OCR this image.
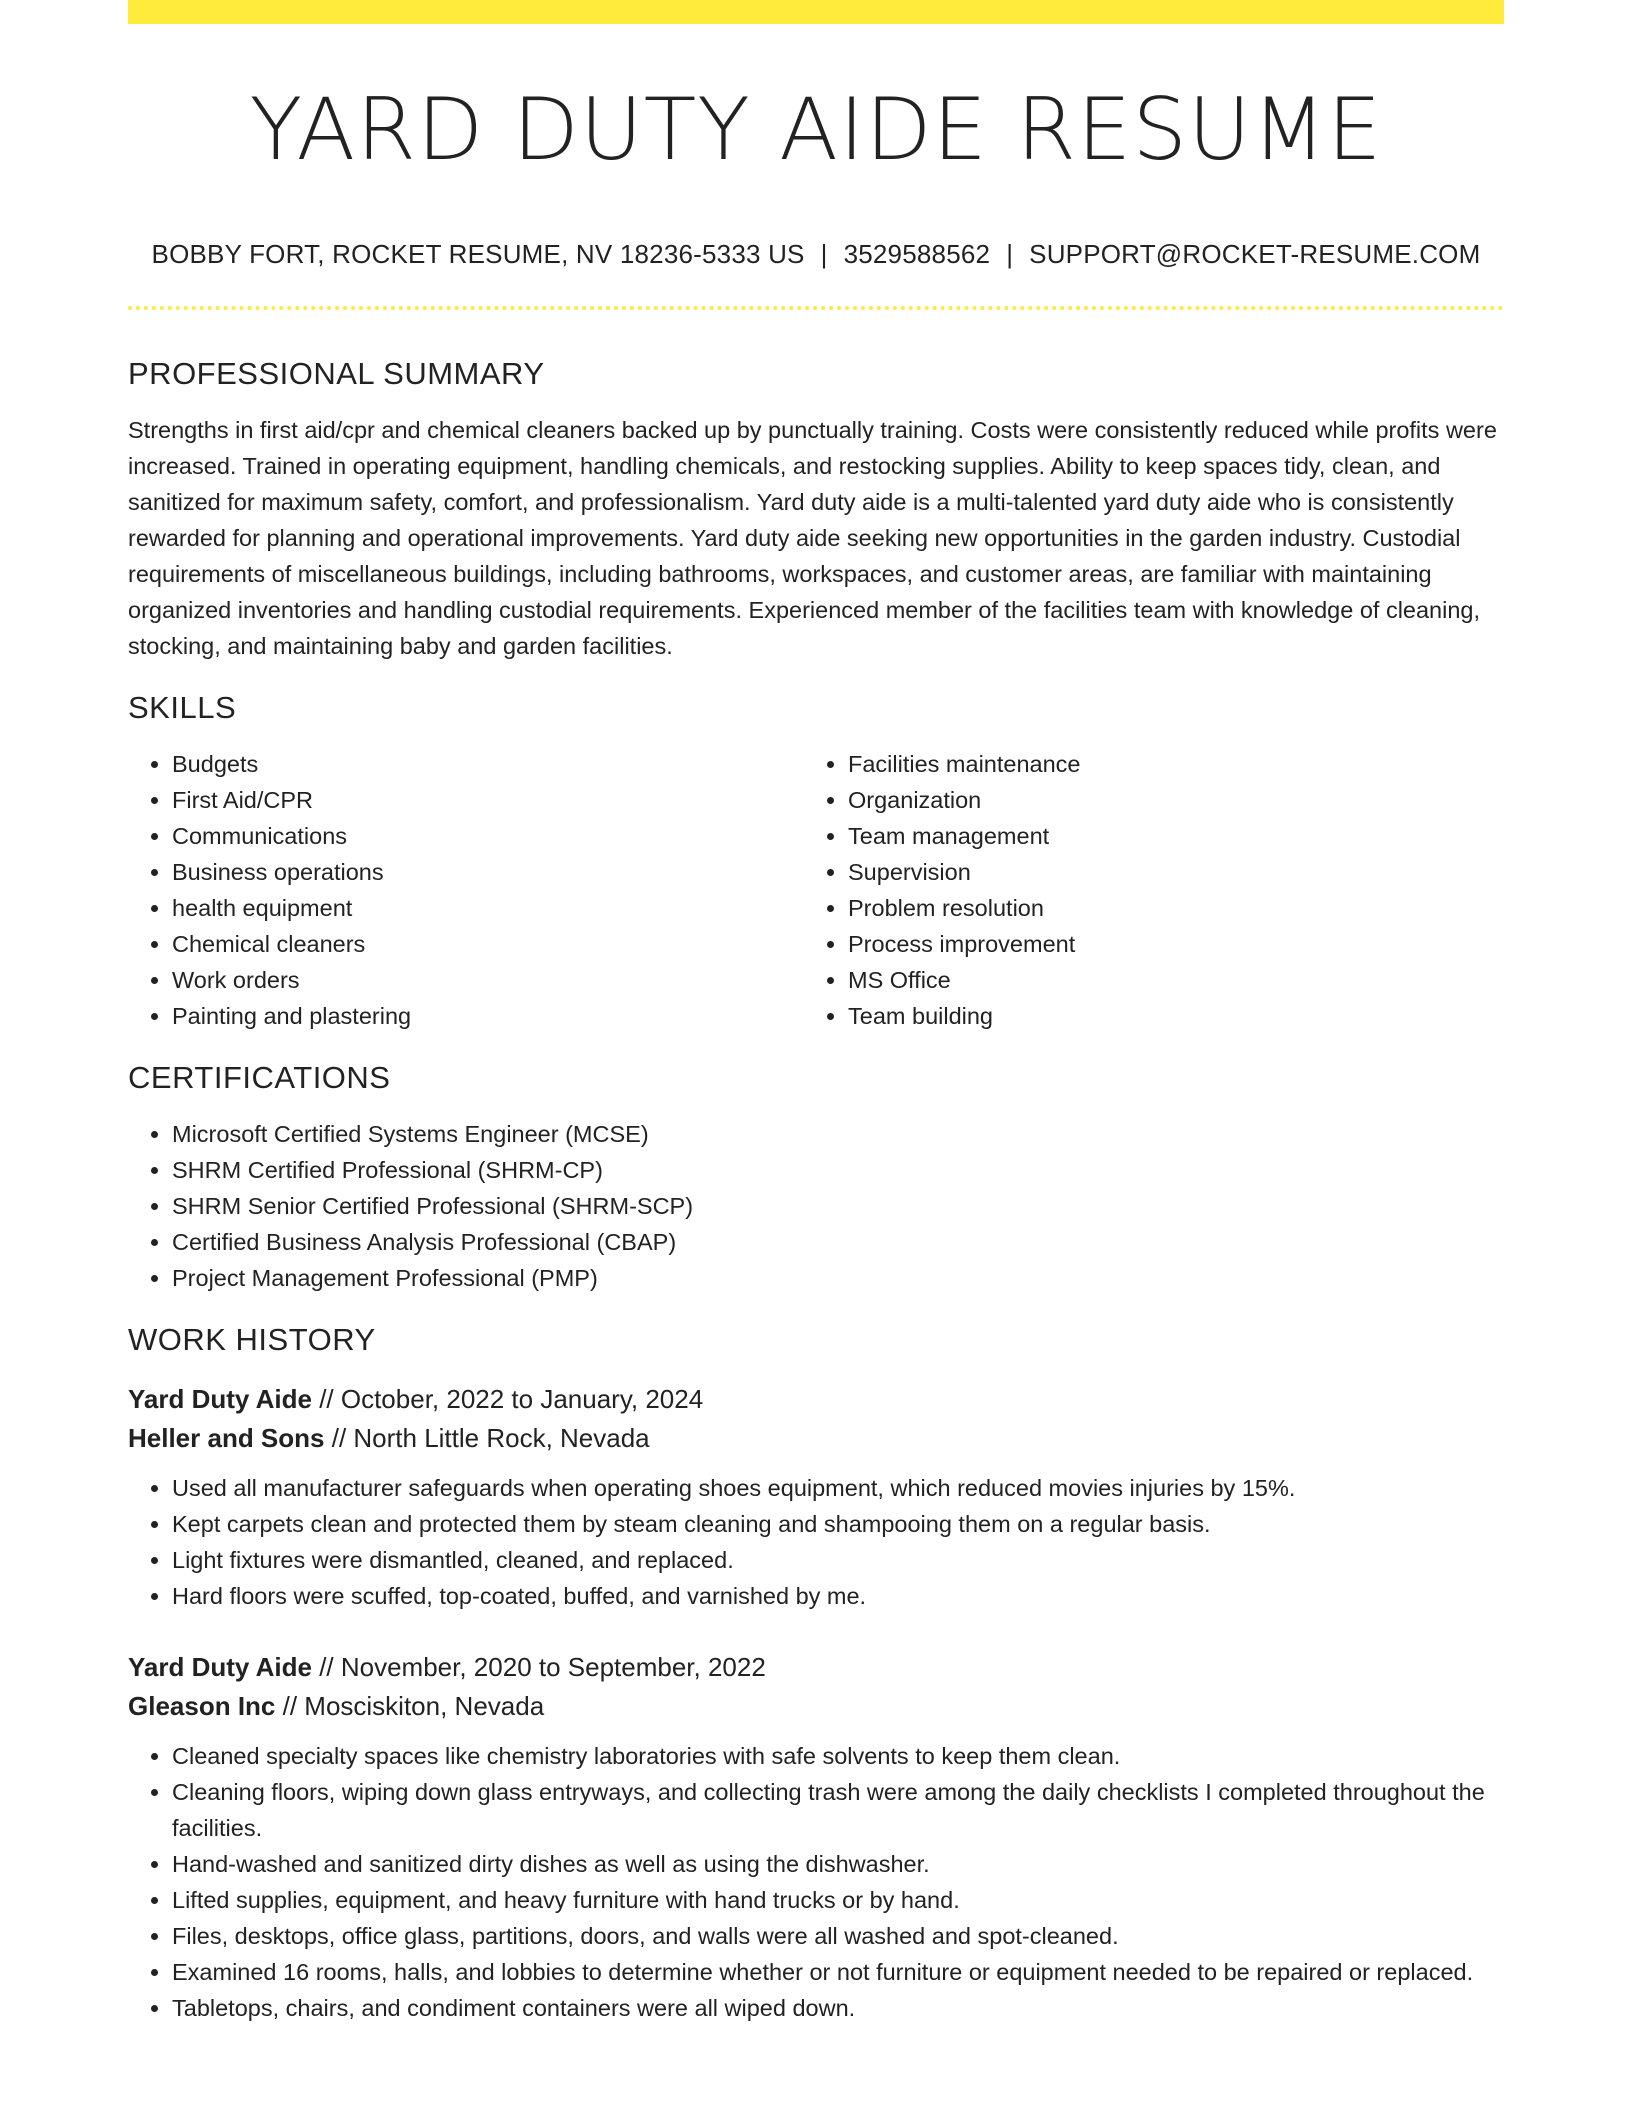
YARD DUTY AIDE RESUME
BOBBY FORT, ROCKET RESUME, NV 18236-5333 US | 3529588562 | SUPPORT@ROCKET-RESUME.COM
PROFESSIONAL SUMMARY

Strengths in first aid/cpr and chemical cleaners backed up by punctually training. Costs were consistently reduced while profits were increased. Trained in operating equipment, handling chemicals, and restocking supplies. Ability to keep spaces tidy, clean, and sanitized for maximum safety, comfort, and professionalism. Yard duty aide is a multi-talented yard duty aide who is consistently rewarded for planning and operational improvements. Yard duty aide seeking new opportunities in the garden industry. Custodial requirements of miscellaneous buildings, including bathrooms, workspaces, and customer areas, are familiar with maintaining organized inventories and handling custodial requirements. Experienced member of the facilities team with knowledge of cleaning, stocking, and maintaining baby and garden facilities.

SKILLS
• Budgets
• First Aid/CPR
• Communications
• Business operations
• health equipment
• Chemical cleaners
• Work orders
• Painting and plastering
• Facilities maintenance
• Organization
• Team management
• Supervision
• Problem resolution
• Process improvement
• MS Office
• Team building
CERTIFICATIONS
• Microsoft Certified Systems Engineer (MCSE)
• SHRM Certified Professional (SHRM-CP)
• SHRM Senior Certified Professional (SHRM-SCP)
• Certified Business Analysis Professional (CBAP)
• Project Management Professional (PMP)
WORK HISTORY
Yard Duty Aide // October, 2022 to January, 2024
Heller and Sons // North Little Rock, Nevada
• Used all manufacturer safeguards when operating shoes equipment, which reduced movies injuries by 15%.
• Kept carpets clean and protected them by steam cleaning and shampooing them on a regular basis.
• Light fixtures were dismantled, cleaned, and replaced.
• Hard floors were scuffed, top-coated, buffed, and varnished by me.
Yard Duty Aide // November, 2020 to September, 2022
Gleason Inc // Mosciskiton, Nevada
• Cleaned specialty spaces like chemistry laboratories with safe solvents to keep them clean.
• Cleaning floors, wiping down glass entryways, and collecting trash were among the daily checklists I completed throughout the facilities.
• Hand-washed and sanitized dirty dishes as well as using the dishwasher.
• Lifted supplies, equipment, and heavy furniture with hand trucks or by hand.
• Files, desktops, office glass, partitions, doors, and walls were all washed and spot-cleaned.
• Examined 16 rooms, halls, and lobbies to determine whether or not furniture or equipment needed to be repaired or replaced.
• Tabletops, chairs, and condiment containers were all wiped down.
